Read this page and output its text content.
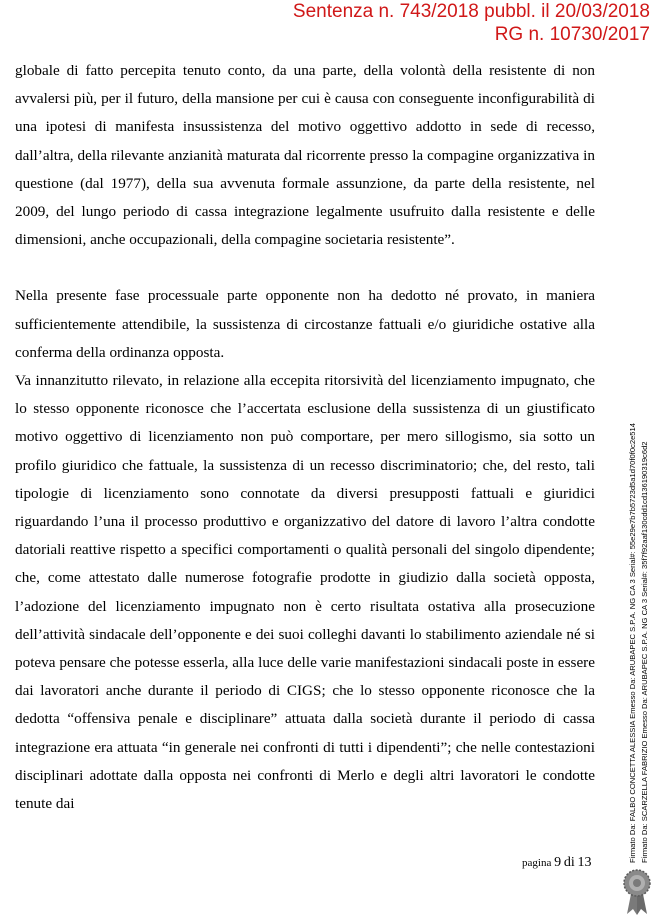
Sentenza n. 743/2018 pubbl. il 20/03/2018
RG n. 10730/2017

globale di fatto percepita tenuto conto, da una parte, della volontà della resistente di non avvalersi più, per il futuro, della mansione per cui è causa con conseguente inconfigurabilità di una ipotesi di manifesta insussistenza del motivo oggettivo addotto in sede di recesso, dall’altra, della rilevante anzianità maturata dal ricorrente presso la compagine organizzativa in questione (dal 1977), della sua avvenuta formale assunzione, da parte della resistente, nel 2009, del lungo periodo di cassa integrazione legalmente usufruito dalla resistente e delle dimensioni, anche occupazionali, della compagine societaria resistente”.

Nella presente fase processuale parte opponente non ha dedotto né provato, in maniera sufficientemente attendibile, la sussistenza di circostanze fattuali e/o giuridiche ostative alla conferma della ordinanza opposta.

Va innanzitutto rilevato, in relazione alla eccepita ritorsività del licenziamento impugnato, che lo stesso opponente riconosce che l’accertata esclusione della sussistenza di un giustificato motivo oggettivo di licenziamento non può comportare, per mero sillogismo, sia sotto un profilo giuridico che fattuale, la sussistenza di un recesso discriminatorio; che, del resto, tali tipologie di licenziamento sono connotate da diversi presupposti fattuali e giuridici riguardando l’una il processo produttivo e organizzativo del datore di lavoro l’altra condotte datoriali reattive rispetto a specifici comportamenti o qualità personali del singolo dipendente; che, come attestato dalle numerose fotografie prodotte in giudizio dalla società opposta, l’adozione del licenziamento impugnato non è certo risultata ostativa alla prosecuzione dell’attività sindacale dell’opponente e dei suoi colleghi davanti lo stabilimento aziendale né si poteva pensare che potesse esserla, alla luce delle varie manifestazioni sindacali poste in essere dai lavoratori anche durante il periodo di CIGS; che lo stesso opponente riconosce che la dedotta “offensiva penale e disciplinare” attuata dalla società durante il periodo di cassa integrazione era attuata “in generale nei confronti di tutti i dipendenti”; che nelle contestazioni disciplinari adottate dalla opposta nei confronti di Merlo e degli altri lavoratori le condotte tenute dai

pagina 9 di 13	Firmato Da: FALBO CONCETTA ALESSIA Emesso Da: ARUBAPEC S.P.A. NG CA 3 Serial#: 55e29e7b7b5723d5a1d70f0f0c2e514 Firmato Da: SCARZELLA FABRIZIO Emesso Da: ARUBAPEC S.P.A. NG CA 3 Serial#: 35f7f92aaf130cdd1cd136190319c6d2
